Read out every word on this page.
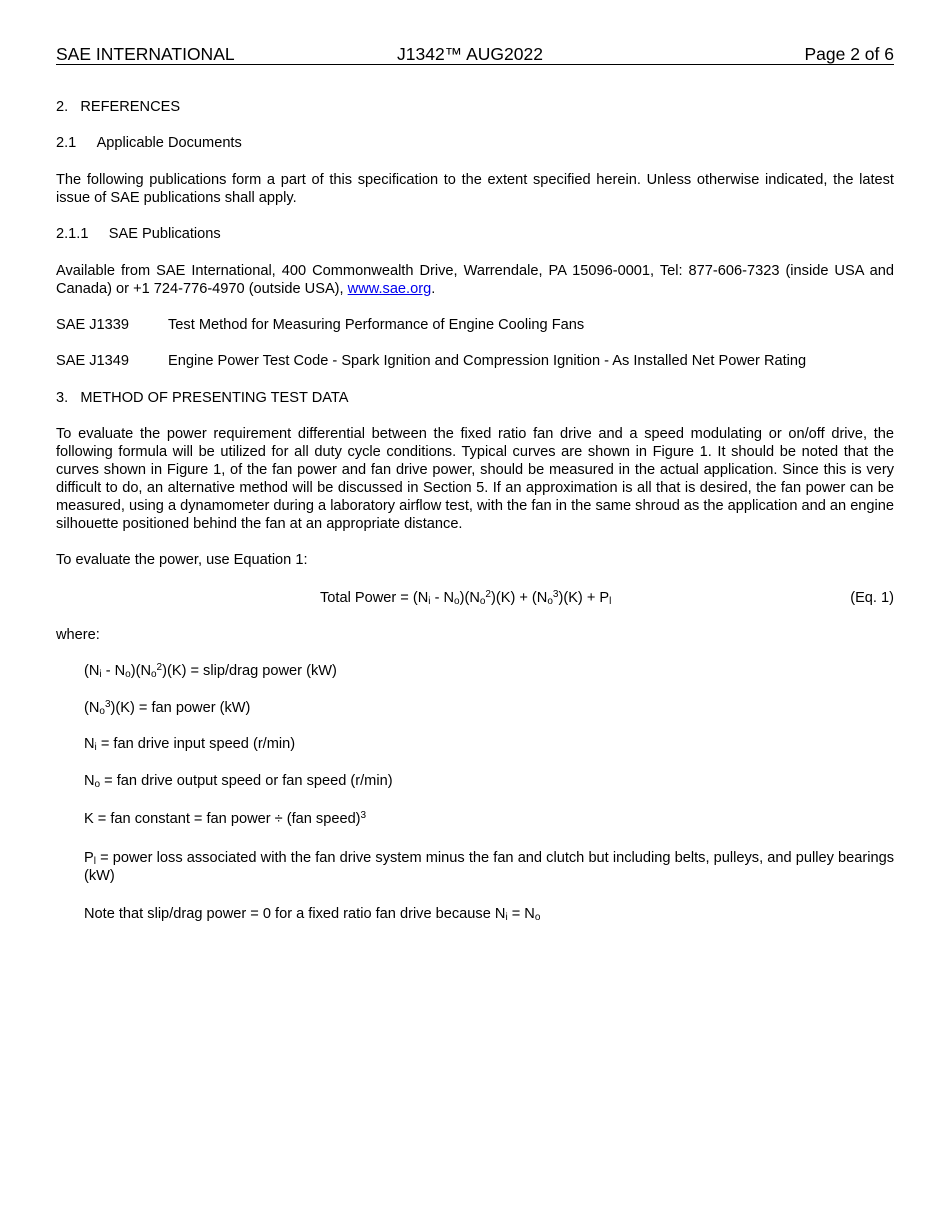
SAE INTERNATIONAL	J1342™ AUG2022	Page 2 of 6
2. REFERENCES
2.1 Applicable Documents
The following publications form a part of this specification to the extent specified herein. Unless otherwise indicated, the latest issue of SAE publications shall apply.
2.1.1 SAE Publications
Available from SAE International, 400 Commonwealth Drive, Warrendale, PA 15096-0001, Tel: 877-606-7323 (inside USA and Canada) or +1 724-776-4970 (outside USA), www.sae.org.
SAE J1339	Test Method for Measuring Performance of Engine Cooling Fans
SAE J1349	Engine Power Test Code - Spark Ignition and Compression Ignition - As Installed Net Power Rating
3. METHOD OF PRESENTING TEST DATA
To evaluate the power requirement differential between the fixed ratio fan drive and a speed modulating or on/off drive, the following formula will be utilized for all duty cycle conditions. Typical curves are shown in Figure 1. It should be noted that the curves shown in Figure 1, of the fan power and fan drive power, should be measured in the actual application. Since this is very difficult to do, an alternative method will be discussed in Section 5. If an approximation is all that is desired, the fan power can be measured, using a dynamometer during a laboratory airflow test, with the fan in the same shroud as the application and an engine silhouette positioned behind the fan at an appropriate distance.
To evaluate the power, use Equation 1:
Total Power = $(N_i - N_o)(N_o^2)(K) + (N_o^3)(K) + P_l$	(Eq. 1)
where:
$(N_i - N_o)(N_o^2)(K)$ = slip/drag power (kW)
$(N_o^3)(K)$ = fan power (kW)
$N_i$ = fan drive input speed (r/min)
$N_o$ = fan drive output speed or fan speed (r/min)
K = fan constant = fan power ÷ (fan speed)$^3$
$P_l$ = power loss associated with the fan drive system minus the fan and clutch but including belts, pulleys, and pulley bearings (kW)
Note that slip/drag power = 0 for a fixed ratio fan drive because $N_i = N_o$
